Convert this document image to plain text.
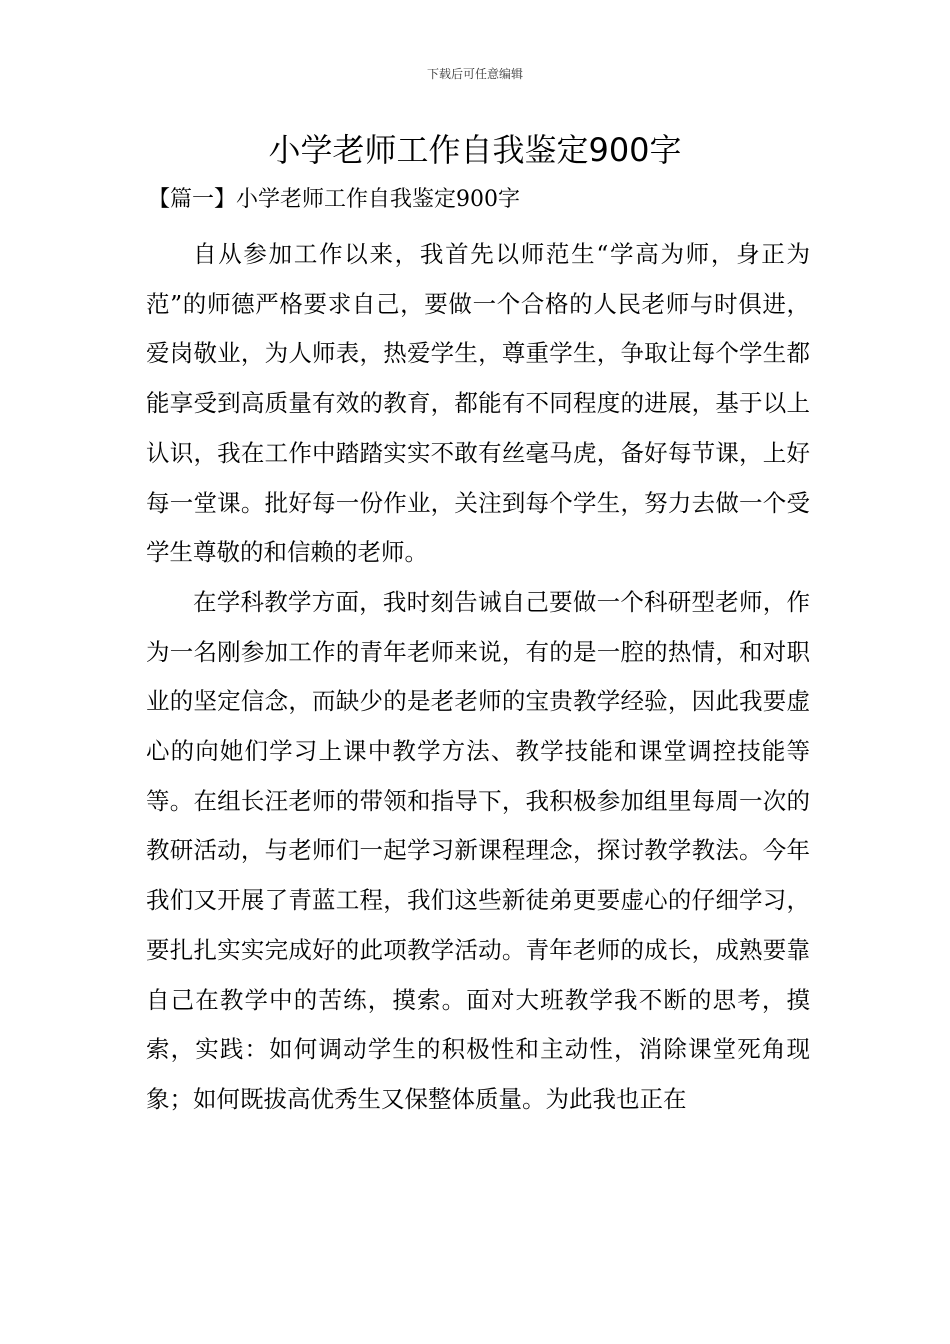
下载后可任意编辑
小学老师工作自我鉴定900字
【篇一】小学老师工作自我鉴定900字

自从参加工作以来，我首先以师范生“学高为师，身正为范”的师德严格要求自己，要做一个合格的人民老师与时俱进，爱岗敬业，为人师表，热爱学生，尊重学生，争取让每个学生都能享受到高质量有效的教育，都能有不同程度的进展，基于以上认识，我在工作中踏踏实实不敢有丝毫马虎，备好每节课，上好每一堂课。批好每一份作业，关注到每个学生，努力去做一个受学生尊敬的和信赖的老师。

在学科教学方面，我时刻告诫自己要做一个科研型老师，作为一名刚参加工作的青年老师来说，有的是一腔的热情，和对职业的坚定信念，而缺少的是老老师的宝贵教学经验，因此我要虚心的向她们学习上课中教学方法、教学技能和课堂调控技能等等。在组长汪老师的带领和指导下，我积极参加组里每周一次的教研活动，与老师们一起学习新课程理念，探讨教学教法。今年我们又开展了青蓝工程，我们这些新徒弟更要虚心的仔细学习，要扎扎实实完成好的此项教学活动。青年老师的成长，成熟要靠自己在教学中的苦练，摸索。面对大班教学我不断的思考，摸索，实践：如何调动学生的积极性和主动性，消除课堂死角现象；如何既拔高优秀生又保整体质量。为此我也正在
